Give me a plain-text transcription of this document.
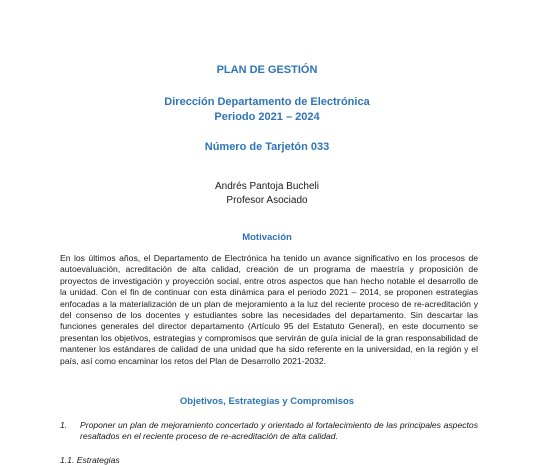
PLAN DE GESTIÓN
Dirección Departamento de Electrónica
Periodo 2021 – 2024
Número de Tarjetón 033
Andrés Pantoja Bucheli
Profesor Asociado
Motivación
En los últimos años, el Departamento de Electrónica ha tenido un avance significativo en los procesos de autoevaluación, acreditación de alta calidad, creación de un programa de maestría y proposición de proyectos de investigación y proyección social, entre otros aspectos que han hecho notable el desarrollo de la unidad. Con el fin de continuar con esta dinámica para el periodo 2021 – 2014, se proponen estrategias enfocadas a la materialización de un plan de mejoramiento a la luz del reciente proceso de re-acreditación y del consenso de los docentes y estudiantes sobre las necesidades del departamento. Sin descartar las funciones generales del director departamento (Artículo 95 del Estatuto General), en este documento se presentan los objetivos, estrategias y compromisos que servirán de guía inicial de la gran responsabilidad de mantener los estándares de calidad de una unidad que ha sido referente en la universidad, en la región y el país, así como encaminar los retos del Plan de Desarrollo 2021-2032.
Objetivos, Estrategias y Compromisos
1. Proponer un plan de mejoramiento concertado y orientado al fortalecimiento de las principales aspectos resaltados en el reciente proceso de re-acreditación de alta calidad.
1.1. Estrategias
